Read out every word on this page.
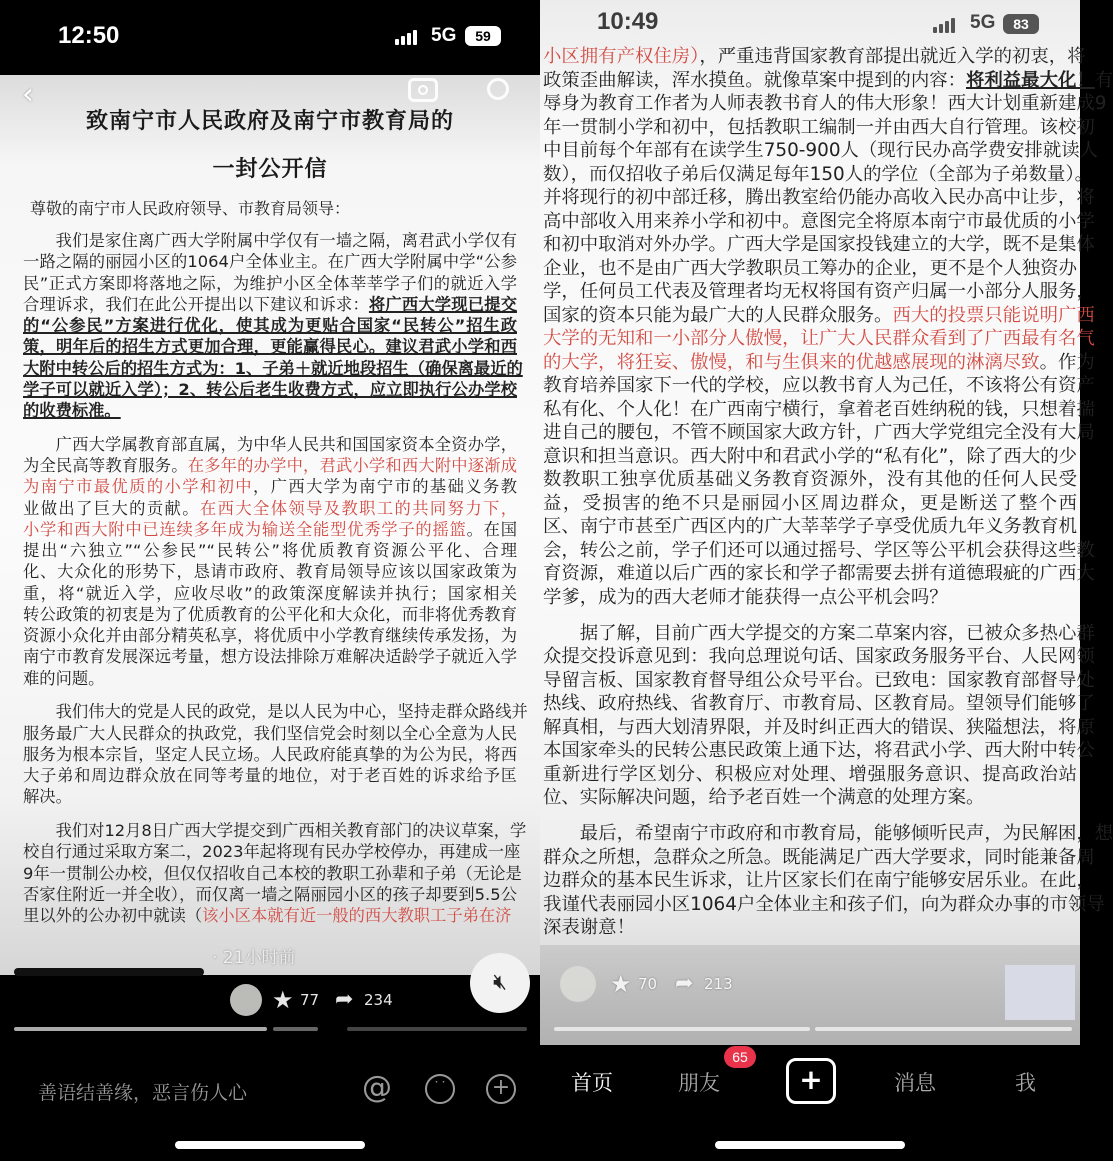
12:50	5G	59
‹
致南宁市人民政府及南宁市教育局的
一封公开信
尊敬的南宁市人民政府领导、市教育局领导：
我们是家住离广西大学附属中学仅有一墙之隔，离君武小学仅有
一路之隔的丽园小区的1064户全体业主。在广西大学附属中学“公参
民”正式方案即将落地之际，为维护小区全体莘莘学子们的就近入学
合理诉求，我们在此公开提出以下建议和诉求：将广西大学现已提交
的“公参民”方案进行优化，使其成为更贴合国家“民转公”招生政
策，明年后的招生方式更加合理，更能赢得民心。建议君武小学和西
大附中转公后的招生方式为：1、子弟＋就近地段招生（确保离最近的
学子可以就近入学）；2、转公后老生收费方式，应立即执行公办学校
的收费标准。
广西大学属教育部直属，为中华人民共和国国家资本全资办学，
为全民高等教育服务。在多年的办学中，君武小学和西大附中逐渐成
为南宁市最优质的小学和初中，广西大学为南宁市的基础义务教
业做出了巨大的贡献。在西大全体领导及教职工的共同努力下，
小学和西大附中已连续多年成为输送全能型优秀学子的摇篮。在国
提出“六独立”“公参民”“民转公”将优质教育资源公平化、合理
化、大众化的形势下，恳请市政府、教育局领导应该以国家政策为
重，将“就近入学，应收尽收”的政策深度解读并执行；国家相关
转公政策的初衷是为了优质教育的公平化和大众化，而非将优秀教育
资源小众化并由部分精英私享，将优质中小学教育继续传承发扬，为
南宁市教育发展深远考量，想方设法排除万难解决适龄学子就近入学
难的问题。
我们伟大的党是人民的政党，是以人民为中心，坚持走群众路线并
服务最广大人民群众的执政党，我们坚信党会时刻以全心全意为人民
服务为根本宗旨，坚定人民立场。人民政府能真挚的为公为民，将西
大子弟和周边群众放在同等考量的地位，对于老百姓的诉求给予匡
解决。
我们对12月8日广西大学提交到广西相关教育部门的决议草案，学
校自行通过采取方案二，2023年起将现有民办学校停办，再建成一座
9年一贯制公办校，但仅仅招收自己本校的教职工孙辈和子弟（无论是
否家住附近一并全收），而仅离一墙之隔丽园小区的孩子却要到5.5公
里以外的公办初中就读（该小区本就有近一般的西大教职工子弟在济
· 21小时前
★ 77 ➦ 234
🔇︎
善语结善缘，恶言伤人心	@	˙˙	+
小区拥有产权住房），严重违背国家教育部提出就近入学的初衷，将
政策歪曲解读，浑水摸鱼。就像草案中提到的内容：将利益最大化！有
辱身为教育工作者为人师表教书育人的伟大形象！西大计划重新建成9
年一贯制小学和初中，包括教职工编制一并由西大自行管理。该校初
中目前每个年部有在读学生750-900人（现行民办高学费安排就读人
数），而仅招收子弟后仅满足每年150人的学位（全部为子弟数量）。
并将现行的初中部迁移，腾出教室给仍能办高收入民办高中让步，将
高中部收入用来养小学和初中。意图完全将原本南宁市最优质的小学
和初中取消对外办学。广西大学是国家投钱建立的大学，既不是集体
企业，也不是由广西大学教职员工筹办的企业，更不是个人独资办
学，任何员工代表及管理者均无权将国有资产归属一小部分人服务，
国家的资本只能为最广大的人民群众服务。西大的投票只能说明广西
大学的无知和一小部分人傲慢，让广大人民群众看到了广西最有名气
的大学，将狂妄、傲慢，和与生俱来的优越感展现的淋漓尽致。作为
教育培养国家下一代的学校，应以教书育人为己任，不该将公有资产
私有化、个人化！在广西南宁横行，拿着老百姓纳税的钱，只想着揣
进自己的腰包，不管不顾国家大政方针，广西大学党组完全没有大局
意识和担当意识。西大附中和君武小学的“私有化”，除了西大的少
数教职工独享优质基础义务教育资源外，没有其他的任何人民受
益，受损害的绝不只是丽园小区周边群众，更是断送了整个西
区、南宁市甚至广西区内的广大莘莘学子享受优质九年义务教育机
会，转公之前，学子们还可以通过摇号、学区等公平机会获得这些教
育资源，难道以后广西的家长和学子都需要去拼有道德瑕疵的广西大
学爹，成为的西大老师才能获得一点公平机会吗？
据了解，目前广西大学提交的方案二草案内容，已被众多热心群
众提交投诉意见到：我向总理说句话、国家政务服务平台、人民网领
导留言板、国家教育督导组公众号平台。已致电：国家教育部督导处
热线、政府热线、省教育厅、市教育局、区教育局。望领导们能够了
解真相，与西大划清界限，并及时纠正西大的错误、狭隘想法，将原
本国家牵头的民转公惠民政策上通下达，将君武小学、西大附中转公
重新进行学区划分、积极应对处理、增强服务意识、提高政治站
位、实际解决问题，给予老百姓一个满意的处理方案。
最后，希望南宁市政府和市教育局，能够倾听民声，为民解困，想
群众之所想，急群众之所急。既能满足广西大学要求，同时能兼备周
边群众的基本民生诉求，让片区家长们在南宁能够安居乐业。在此，
我谨代表丽园小区1064户全体业主和孩子们，向为群众办事的市领导
深表谢意！
10:49	5G	83
★ 70 ➦ 213
首页	朋友
65
+	消息	我
